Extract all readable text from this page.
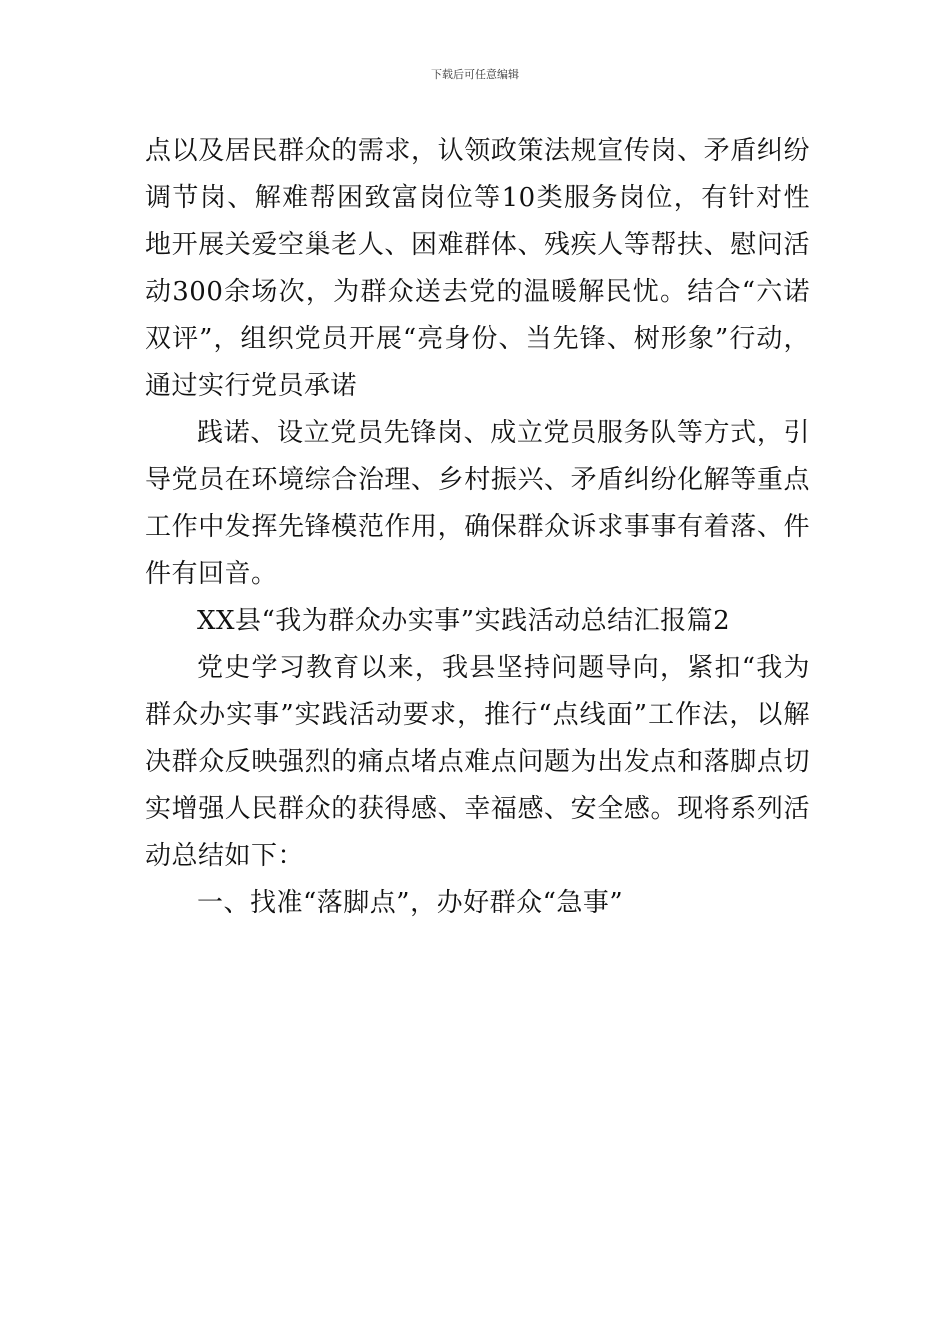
下载后可任意编辑

点以及居民群众的需求，认领政策法规宣传岗、矛盾纠纷调节岗、解难帮困致富岗位等10类服务岗位，有针对性地开展关爱空巢老人、困难群体、残疾人等帮扶、慰问活动300余场次，为群众送去党的温暖解民忧。结合“六诺双评”，组织党员开展“亮身份、当先锋、树形象”行动，通过实行党员承诺

践诺、设立党员先锋岗、成立党员服务队等方式，引导党员在环境综合治理、乡村振兴、矛盾纠纷化解等重点工作中发挥先锋模范作用，确保群众诉求事事有着落、件件有回音。

XX县“我为群众办实事”实践活动总结汇报篇2

党史学习教育以来，我县坚持问题导向，紧扣“我为群众办实事”实践活动要求，推行“点线面”工作法，以解决群众反映强烈的痛点堵点难点问题为出发点和落脚点切实增强人民群众的获得感、幸福感、安全感。现将系列活动总结如下：

一、找准“落脚点”，办好群众“急事”
